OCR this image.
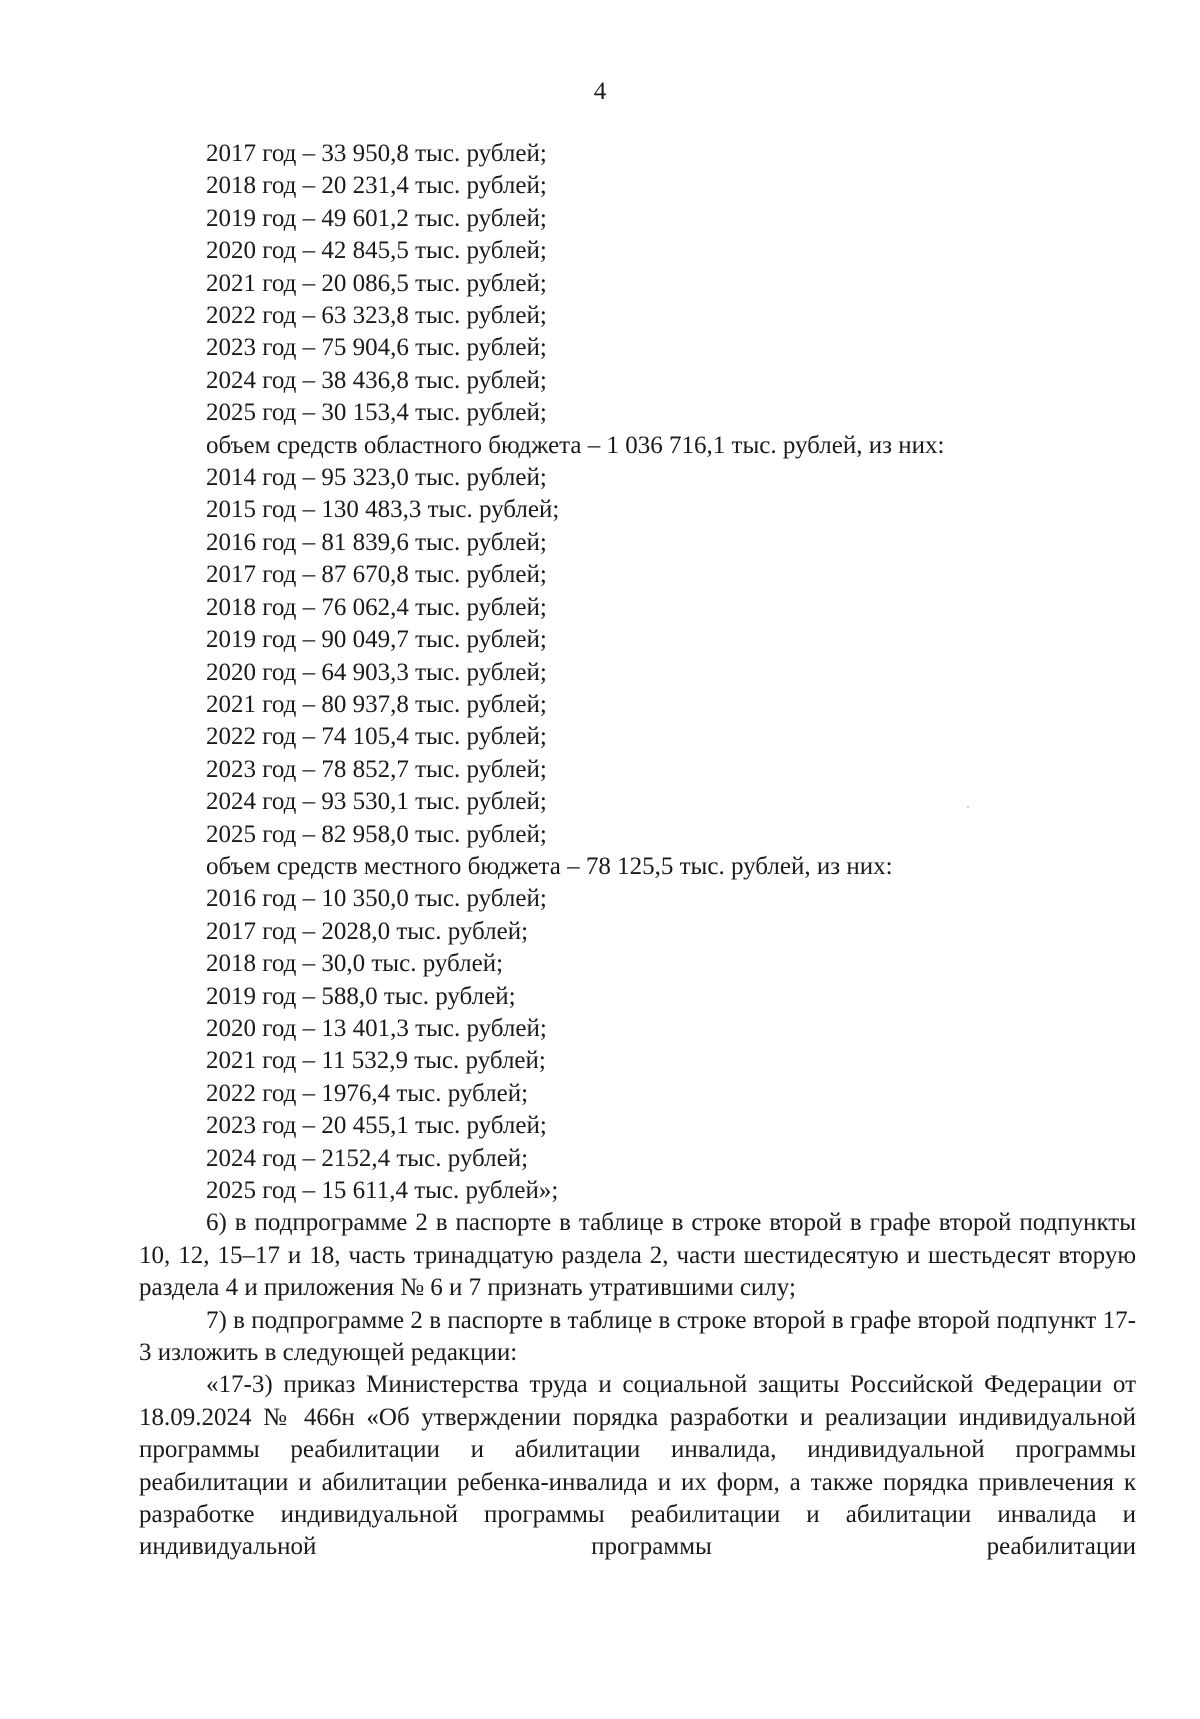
4
2017 год – 33 950,8 тыс. рублей;
2018 год – 20 231,4 тыс. рублей;
2019 год – 49 601,2 тыс. рублей;
2020 год – 42 845,5 тыс. рублей;
2021 год – 20 086,5 тыс. рублей;
2022 год – 63 323,8 тыс. рублей;
2023 год – 75 904,6 тыс. рублей;
2024 год – 38 436,8 тыс. рублей;
2025 год – 30 153,4 тыс. рублей;
объем средств областного бюджета – 1 036 716,1 тыс. рублей, из них:
2014 год – 95 323,0 тыс. рублей;
2015 год – 130 483,3 тыс. рублей;
2016 год – 81 839,6 тыс. рублей;
2017 год – 87 670,8 тыс. рублей;
2018 год – 76 062,4 тыс. рублей;
2019 год – 90 049,7 тыс. рублей;
2020 год – 64 903,3 тыс. рублей;
2021 год – 80 937,8 тыс. рублей;
2022 год – 74 105,4 тыс. рублей;
2023 год – 78 852,7 тыс. рублей;
2024 год – 93 530,1 тыс. рублей;
2025 год – 82 958,0 тыс. рублей;
объем средств местного бюджета – 78 125,5 тыс. рублей, из них:
2016 год – 10 350,0 тыс. рублей;
2017 год – 2028,0 тыс. рублей;
2018 год – 30,0 тыс. рублей;
2019 год – 588,0 тыс. рублей;
2020 год – 13 401,3 тыс. рублей;
2021 год – 11 532,9 тыс. рублей;
2022 год – 1976,4 тыс. рублей;
2023 год – 20 455,1 тыс. рублей;
2024 год – 2152,4 тыс. рублей;
2025 год – 15 611,4 тыс. рублей»;

6) в подпрограмме 2 в паспорте в таблице в строке второй в графе второй подпункты 10, 12, 15–17 и 18, часть тринадцатую раздела 2, части шестидесятую и шестьдесят вторую раздела 4 и приложения № 6 и 7 признать утратившими силу;

7) в подпрограмме 2 в паспорте в таблице в строке второй в графе второй подпункт 17-3 изложить в следующей редакции:

«17-3) приказ Министерства труда и социальной защиты Российской Федерации от 18.09.2024 № 466н «Об утверждении порядка разработки и реализации индивидуальной программы реабилитации и абилитации инвалида, индивидуальной программы реабилитации и абилитации ребенка-инвалида и их форм, а также порядка привлечения к разработке индивидуальной программы реабилитации и абилитации инвалида и индивидуальной программы реабилитации
